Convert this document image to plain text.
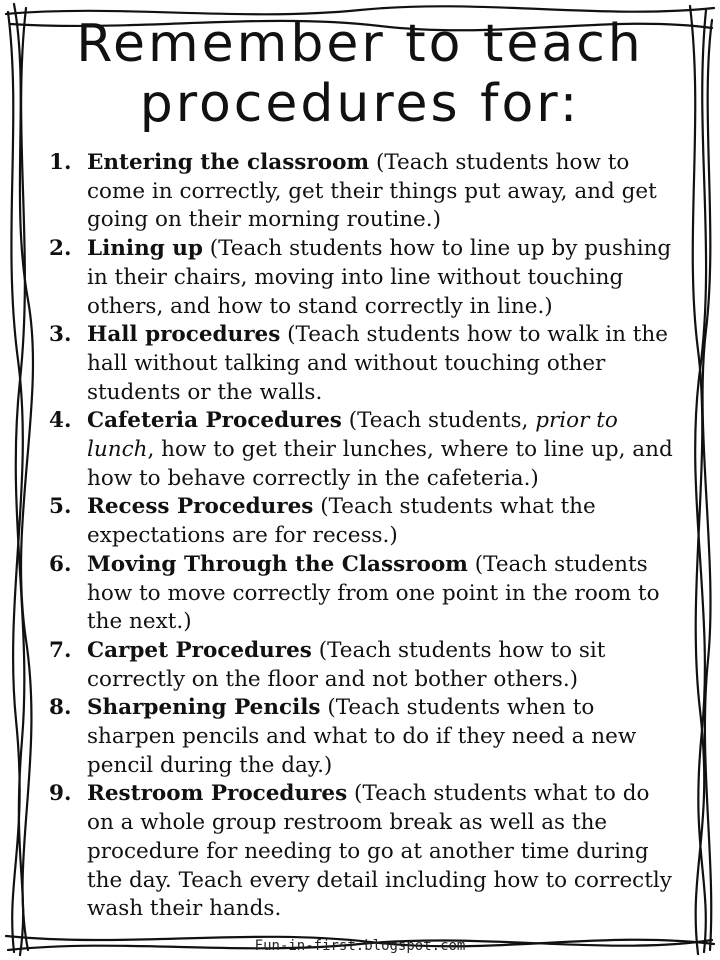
Remember to teach
procedures for:
1. Entering the classroom (Teach students how to come in correctly, get their things put away, and get going on their morning routine.)
2. Lining up (Teach students how to line up by pushing in their chairs, moving into line without touching others, and how to stand correctly in line.)
3. Hall procedures (Teach students how to walk in the hall without talking and without touching other students or the walls.
4. Cafeteria Procedures (Teach students, prior to lunch, how to get their lunches, where to line up, and how to behave correctly in the cafeteria.)
5. Recess Procedures (Teach students what the expectations are for recess.)
6. Moving Through the Classroom (Teach students how to move correctly from one point in the room to the next.)
7. Carpet Procedures (Teach students how to sit correctly on the floor and not bother others.)
8. Sharpening Pencils (Teach students when to sharpen pencils and what to do if they need a new pencil during the day.)
9. Restroom Procedures (Teach students what to do on a whole group restroom break as well as the procedure for needing to go at another time during the day. Teach every detail including how to correctly wash their hands.
Fun-in-first.blogspot.com
